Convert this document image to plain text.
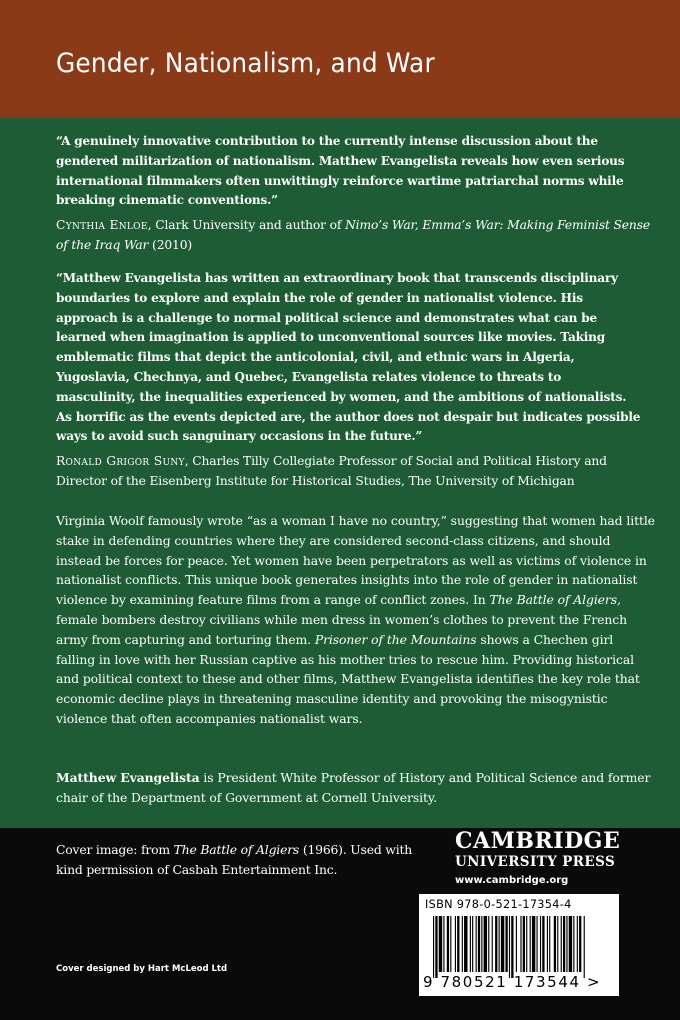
Gender, Nationalism, and War

“A genuinely innovative contribution to the currently intense discussion about the gendered militarization of nationalism. Matthew Evangelista reveals how even serious international filmmakers often unwittingly reinforce wartime patriarchal norms while breaking cinematic conventions.”

Cynthia Enloe, Clark University and author of Nimo’s War, Emma’s War: Making Feminist Sense of the Iraq War (2010)

“Matthew Evangelista has written an extraordinary book that transcends disciplinary boundaries to explore and explain the role of gender in nationalist violence. His approach is a challenge to normal political science and demonstrates what can be learned when imagination is applied to unconventional sources like movies. Taking emblematic films that depict the anticolonial, civil, and ethnic wars in Algeria, Yugoslavia, Chechnya, and Quebec, Evangelista relates violence to threats to masculinity, the inequalities experienced by women, and the ambitions of nationalists. As horrific as the events depicted are, the author does not despair but indicates possible ways to avoid such sanguinary occasions in the future.”

Ronald Grigor Suny, Charles Tilly Collegiate Professor of Social and Political History and Director of the Eisenberg Institute for Historical Studies, The University of Michigan

Virginia Woolf famously wrote “as a woman I have no country,” suggesting that women had little stake in defending countries where they are considered second-class citizens, and should instead be forces for peace. Yet women have been perpetrators as well as victims of violence in nationalist conflicts. This unique book generates insights into the role of gender in nationalist violence by examining feature films from a range of conflict zones. In The Battle of Algiers, female bombers destroy civilians while men dress in women’s clothes to prevent the French army from capturing and torturing them. Prisoner of the Mountains shows a Chechen girl falling in love with her Russian captive as his mother tries to rescue him. Providing historical and political context to these and other films, Matthew Evangelista identifies the key role that economic decline plays in threatening masculine identity and provoking the misogynistic violence that often accompanies nationalist wars.

Matthew Evangelista is President White Professor of History and Political Science and former chair of the Department of Government at Cornell University.

Cover image: from The Battle of Algiers (1966). Used with kind permission of Casbah Entertainment Inc.

Cover designed by Hart McLeod Ltd

CAMBRIDGE

UNIVERSITY PRESS

www.cambridge.org

ISBN 978-0-521-17354-4

9 780521 173544 >
